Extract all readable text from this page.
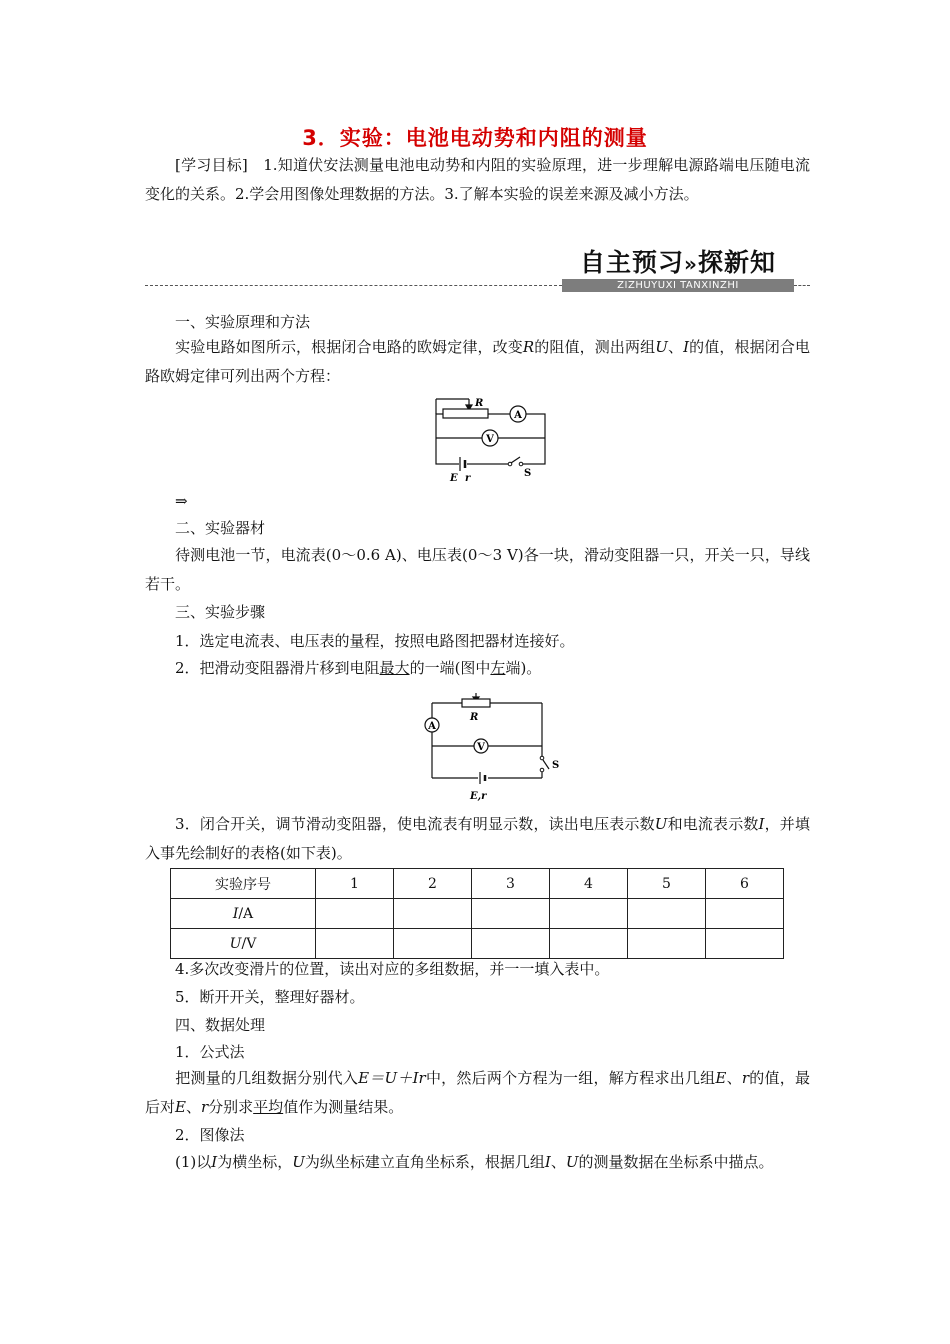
3．实验：电池电动势和内阻的测量
[学习目标]　 1.知道伏安法测量电池电动势和内阻的实验原理，进一步理解电源路端电压随电流变化的关系。2.学会用图像处理数据的方法。3.了解本实验的误差来源及减小方法。
自主预习»探新知
ZIZHUYUXI TANXINZHI
一、实验原理和方法
实验电路如图所示，根据闭合电路的欧姆定律，改变R的阻值，测出两组U、I的值，根据闭合电路欧姆定律可列出两个方程：
R
A
V
E r	S
⇒
二、实验器材
待测电池一节，电流表(0～0.6 A)、电压表(0～3 V)各一块，滑动变阻器一只，开关一只，导线若干。
三、实验步骤
1．选定电流表、电压表的量程，按照电路图把器材连接好。
2．把滑动变阻器滑片移到电阻最大的一端(图中左端)。
R
A
V
S
E,r
3．闭合开关，调节滑动变阻器，使电流表有明显示数，读出电压表示数U和电流表示数I，并填入事先绘制好的表格(如下表)。
实验序号	1	2	3	4	5	6
I/A						
U/V						
4.多次改变滑片的位置，读出对应的多组数据，并一一填入表中。
5．断开开关，整理好器材。
四、数据处理
1．公式法
把测量的几组数据分别代入E＝U＋Ir中，然后两个方程为一组，解方程求出几组E、r的值，最后对E、r分别求平均值作为测量结果。
2．图像法
(1)以I为横坐标，U为纵坐标建立直角坐标系，根据几组I、U的测量数据在坐标系中描点。
